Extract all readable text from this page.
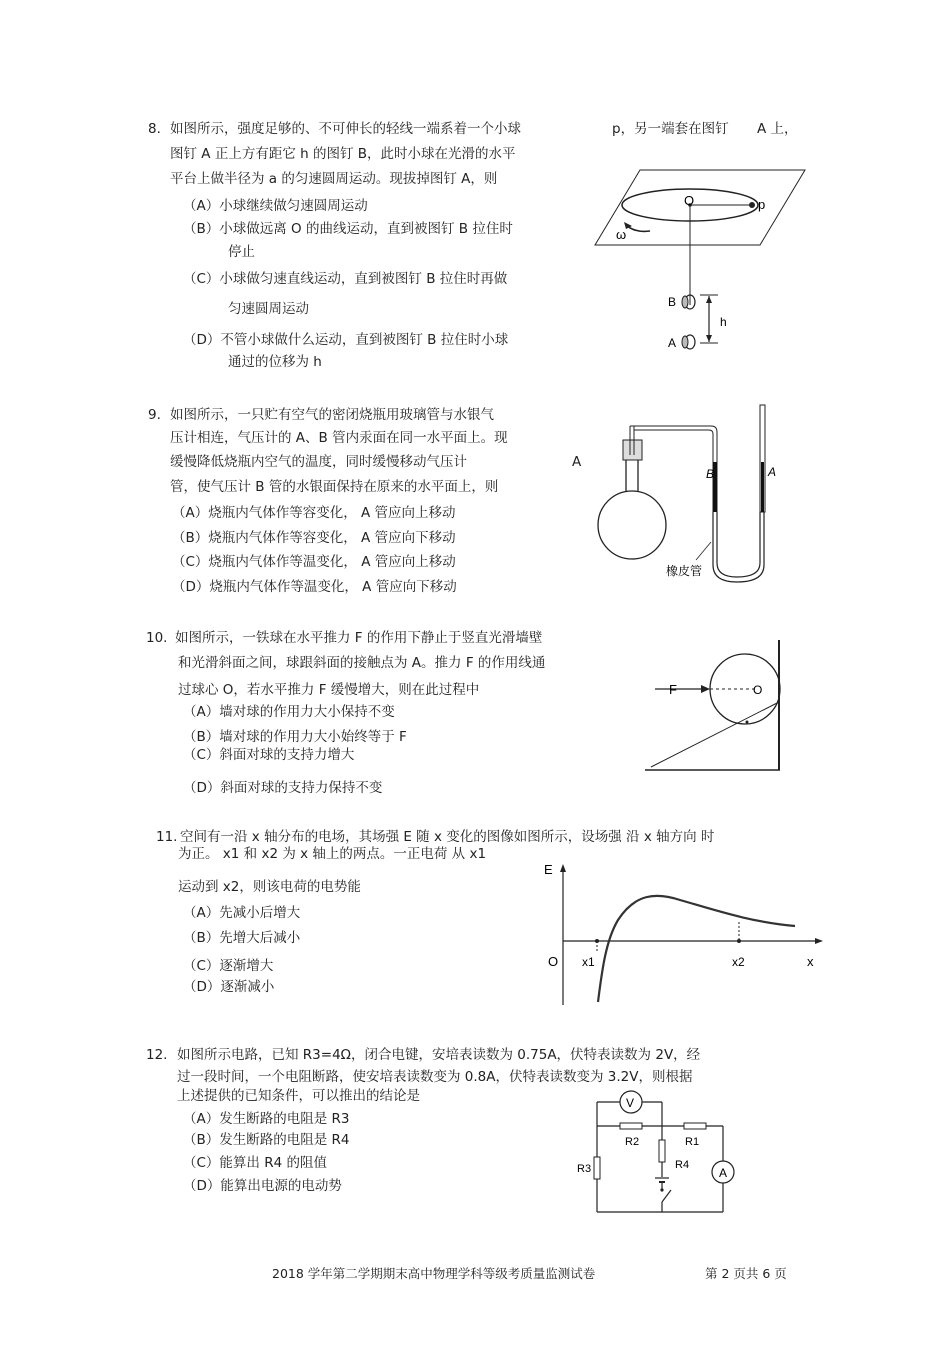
8. 如图所示，强度足够的、不可伸长的轻线一端系着一个小球	p，另一端套在图钉 A 上，
图钉 A 正上方有距它 h 的图钉 B，此时小球在光滑的水平
平台上做半径为 a 的匀速圆周运动。现拔掉图钉 A，则
（A）小球继续做匀速圆周运动
（B）小球做远离 O 的曲线运动，直到被图钉 B 拉住时
停止
（C）小球做匀速直线运动，直到被图钉 B 拉住时再做
匀速圆周运动
（D）不管小球做什么运动，直到被图钉 B 拉住时小球
通过的位移为 h
O	p
ω
B
A
h
9. 如图所示，一只贮有空气的密闭烧瓶用玻璃管与水银气
压计相连，气压计的 A、B 管内汞面在同一水平面上。现
缓慢降低烧瓶内空气的温度，同时缓慢移动气压计	A
管，使气压计 B 管的水银面保持在原来的水平面上，则
（A）烧瓶内气体作等容变化， A 管应向上移动
（B）烧瓶内气体作等容变化， A 管应向下移动
（C）烧瓶内气体作等温变化， A 管应向上移动
（D）烧瓶内气体作等温变化， A 管应向下移动
B	A
橡皮管
10. 如图所示，一铁球在水平推力 F 的作用下静止于竖直光滑墙壁
和光滑斜面之间，球跟斜面的接触点为 A。推力 F 的作用线通
过球心 O，若水平推力 F 缓慢增大，则在此过程中
（A）墙对球的作用力大小保持不变
（B）墙对球的作用力大小始终等于 F
（C）斜面对球的支持力增大
（D）斜面对球的支持力保持不变
F	O
11. 空间有一沿 x 轴分布的电场，其场强 E 随 x 变化的图像如图所示，设场强 沿 x 轴方向 时
为正。 x1 和 x2 为 x 轴上的两点。一正电荷 从 x1
运动到 x2，则该电荷的电势能
（A）先减小后增大
（B）先增大后减小
（C）逐渐增大
（D）逐渐减小
E
O x1	x2	x
12. 如图所示电路，已知 R3=4Ω，闭合电键，安培表读数为 0.75A，伏特表读数为 2V，经
过一段时间，一个电阻断路，使安培表读数变为 0.8A，伏特表读数变为 3.2V，则根据
上述提供的已知条件，可以推出的结论是
（A）发生断路的电阻是 R3
（B）发生断路的电阻是 R4
（C）能算出 R4 的阻值
（D）能算出电源的电动势
V
A
R2	R1
R3	R4
2018 学年第二学期期末高中物理学科等级考质量监测试卷	第 2 页共 6 页
